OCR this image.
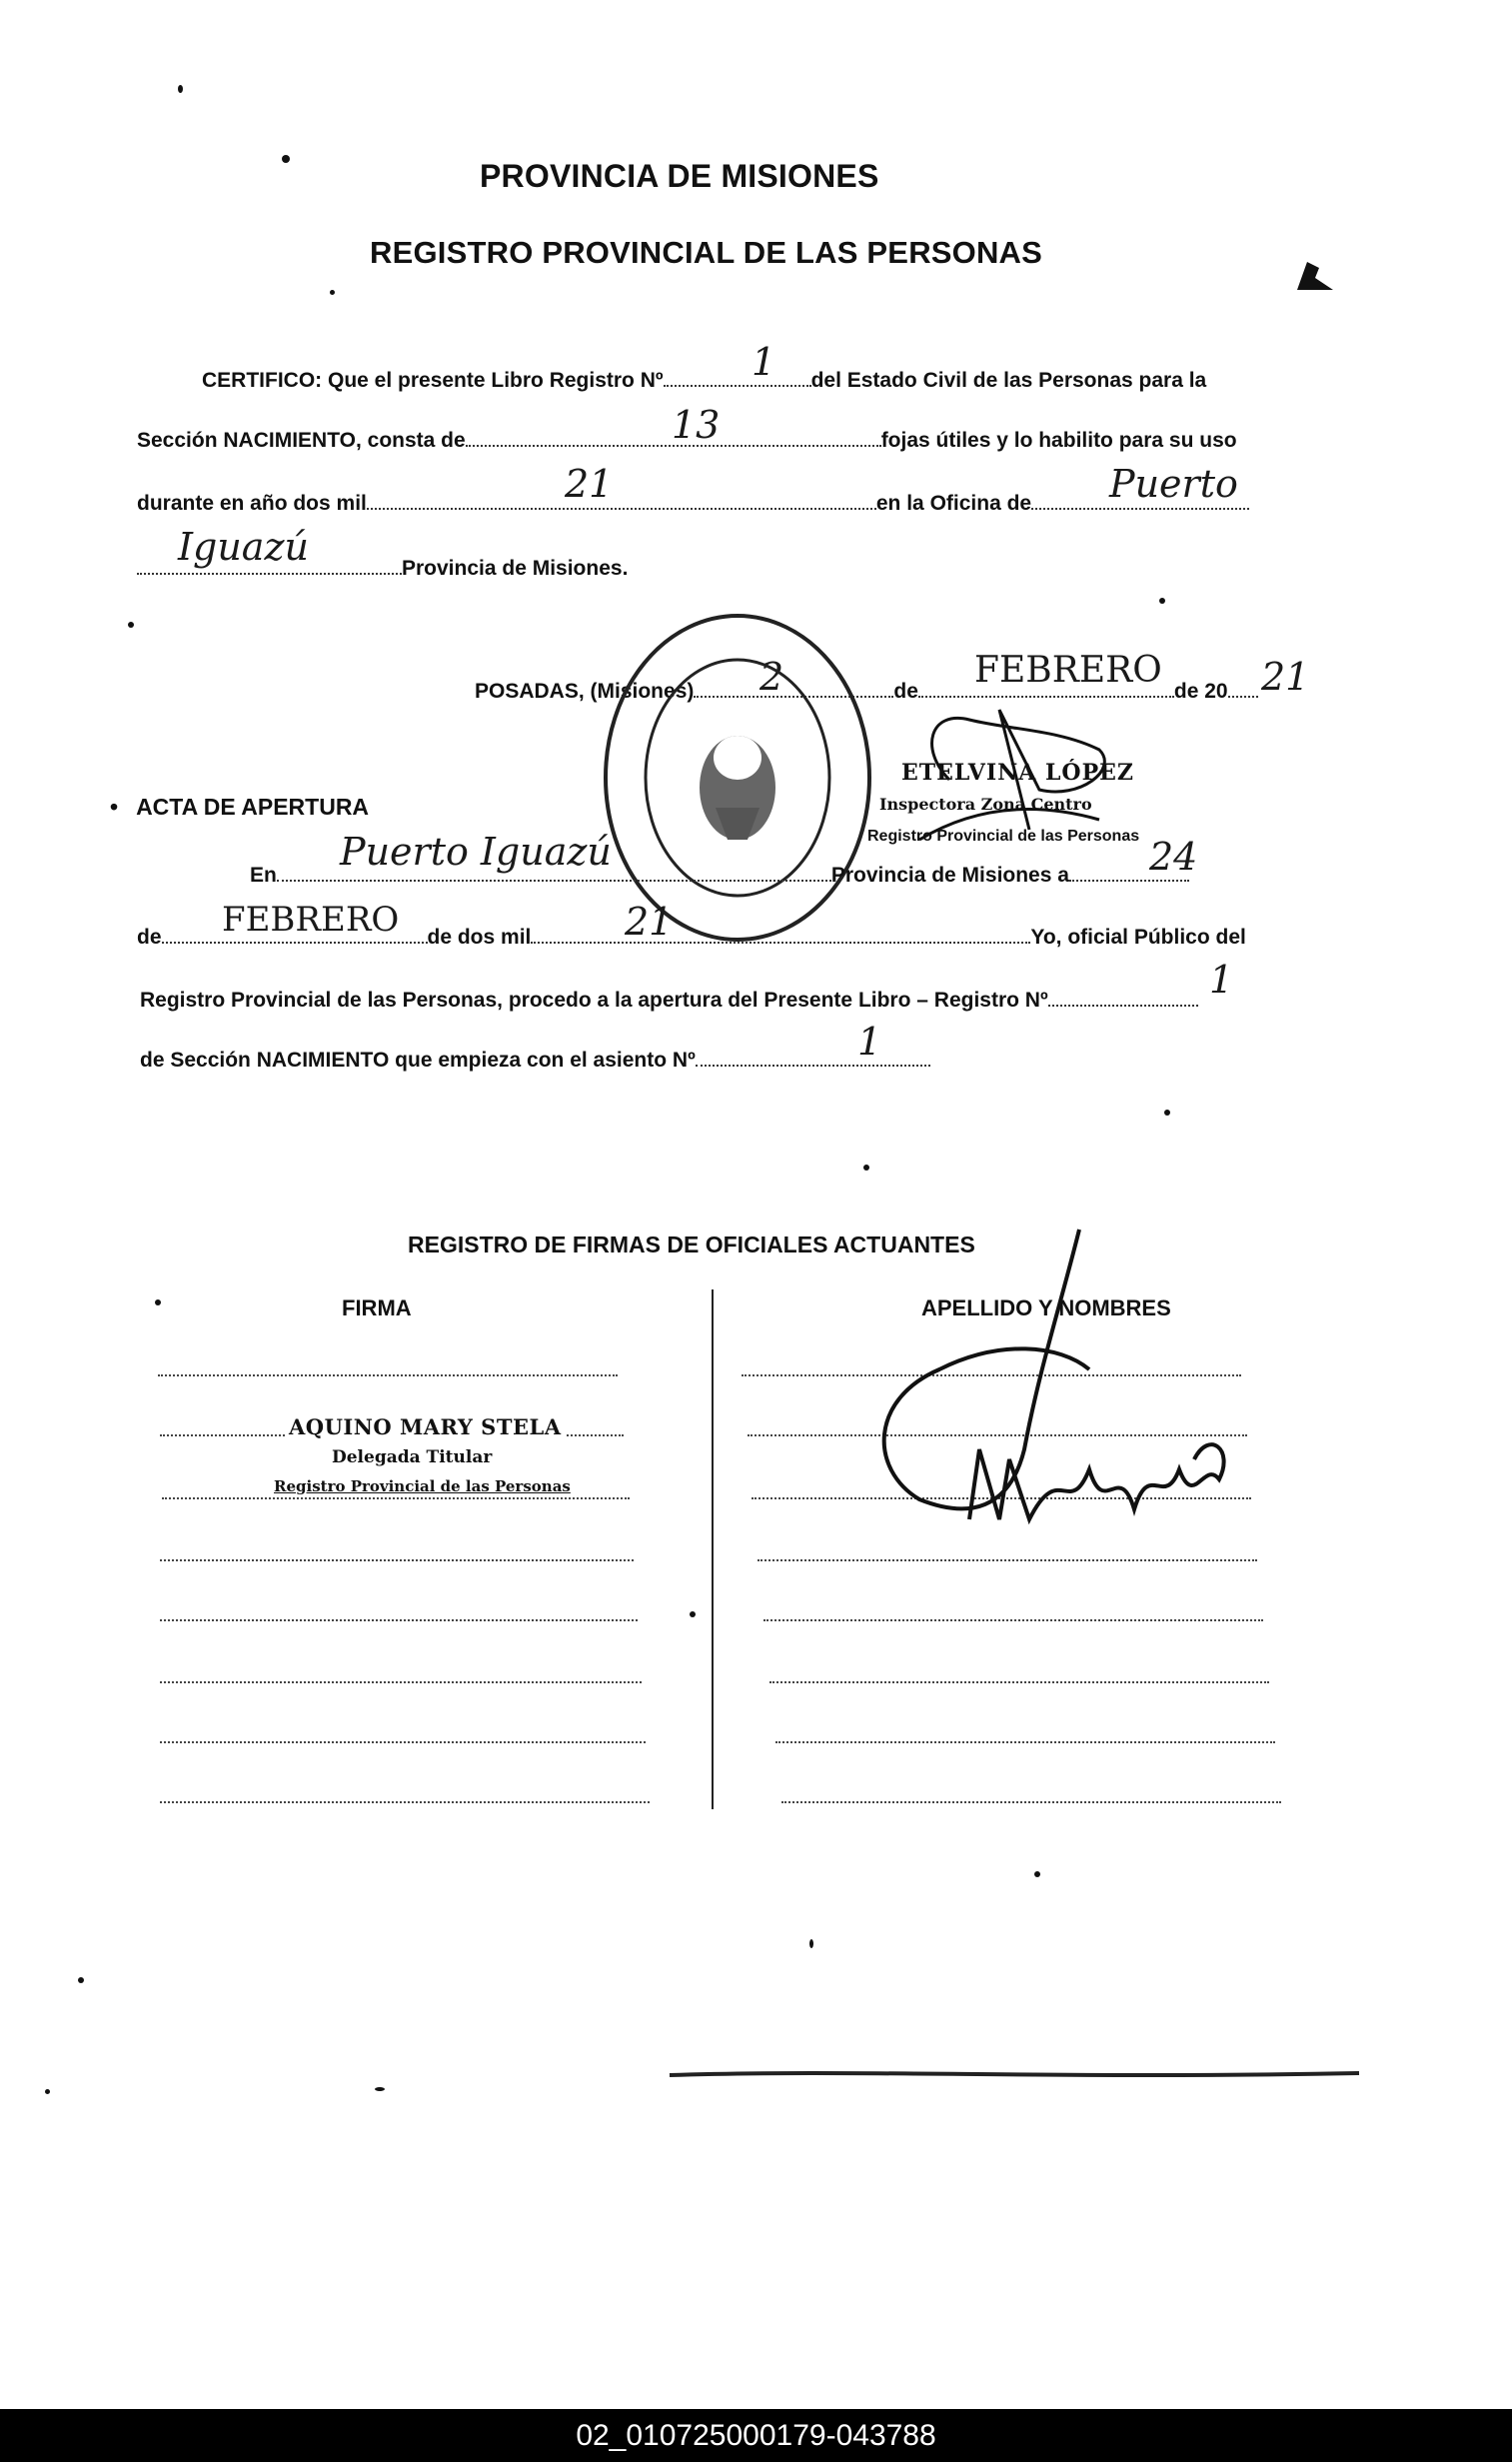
PROVINCIA DE MISIONES
REGISTRO PROVINCIAL DE LAS PERSONAS
CERTIFICO: Que el presente Libro Registro Nº	del Estado Civil de las Personas para la
1
Sección NACIMIENTO, consta de	fojas útiles y lo habilito para su uso
13
durante en año dos mil	en la Oficina de
21	Puerto
Provincia de Misiones.
Iguazú
POSADAS, (Misiones)	de	de 20
2	FEBRERO	21
ETELVINA LÓPEZ
Inspectora Zona Centro
Registro Provincial de las Personas
• ACTA DE APERTURA
En	Provincia de Misiones a
Puerto Iguazú	24
de	de dos mil	Yo, oficial Público del
FEBRERO	21
Registro Provincial de las Personas, procedo a la apertura del Presente Libro – Registro Nº	1
de Sección NACIMIENTO que empieza con el asiento Nº	1
REGISTRO DE FIRMAS DE OFICIALES ACTUANTES
FIRMA	APELLIDO Y NOMBRES
AQUINO MARY STELA
Delegada Titular
Registro Provincial de las Personas
02_010725000179-043788
